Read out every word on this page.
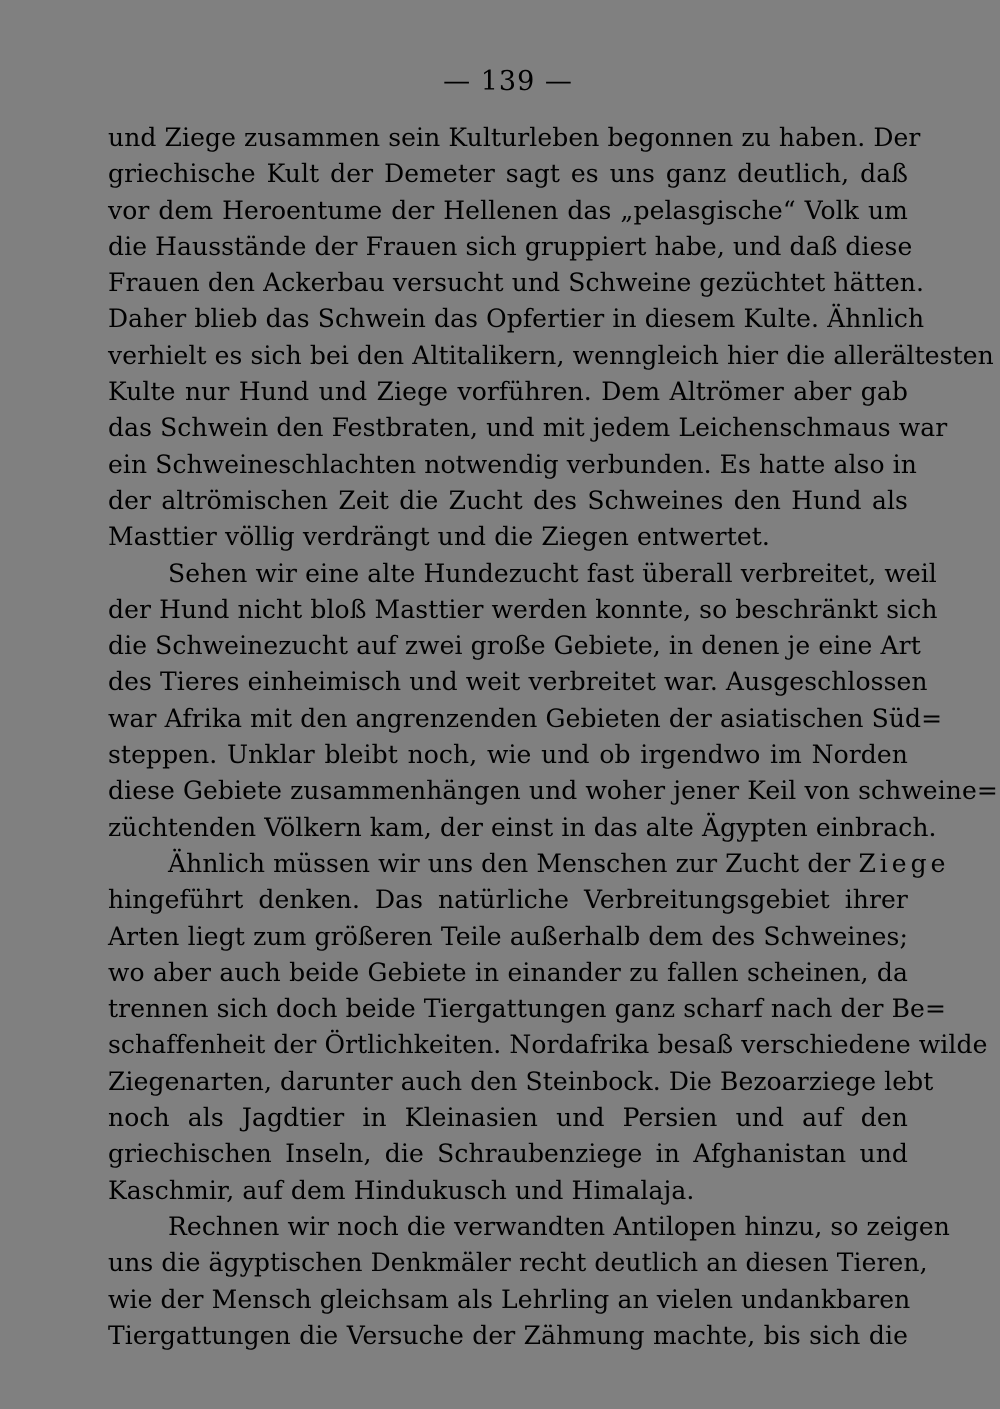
— 139 —
und Ziege zusammen sein Kulturleben begonnen zu haben. Der
griechische Kult der Demeter sagt es uns ganz deutlich, daß
vor dem Heroentume der Hellenen das „pelasgische“ Volk um
die Hausstände der Frauen sich gruppiert habe, und daß diese
Frauen den Ackerbau versucht und Schweine gezüchtet hätten.
Daher blieb das Schwein das Opfertier in diesem Kulte. Ähnlich
verhielt es sich bei den Altitalikern, wenngleich hier die allerältesten
Kulte nur Hund und Ziege vorführen. Dem Altrömer aber gab
das Schwein den Festbraten, und mit jedem Leichenschmaus war
ein Schweineschlachten notwendig verbunden. Es hatte also in
der altrömischen Zeit die Zucht des Schweines den Hund als
Masttier völlig verdrängt und die Ziegen entwertet.
Sehen wir eine alte Hundezucht fast überall verbreitet, weil
der Hund nicht bloß Masttier werden konnte, so beschränkt sich
die Schweinezucht auf zwei große Gebiete, in denen je eine Art
des Tieres einheimisch und weit verbreitet war. Ausgeschlossen
war Afrika mit den angrenzenden Gebieten der asiatischen Süd=
steppen. Unklar bleibt noch, wie und ob irgendwo im Norden
diese Gebiete zusammenhängen und woher jener Keil von schweine=
züchtenden Völkern kam, der einst in das alte Ägypten einbrach.
Ähnlich müssen wir uns den Menschen zur Zucht der Ziege
hingeführt denken. Das natürliche Verbreitungsgebiet ihrer
Arten liegt zum größeren Teile außerhalb dem des Schweines;
wo aber auch beide Gebiete in einander zu fallen scheinen, da
trennen sich doch beide Tiergattungen ganz scharf nach der Be=
schaffenheit der Örtlichkeiten. Nordafrika besaß verschiedene wilde
Ziegenarten, darunter auch den Steinbock. Die Bezoarziege lebt
noch als Jagdtier in Kleinasien und Persien und auf den
griechischen Inseln, die Schraubenziege in Afghanistan und
Kaschmir, auf dem Hindukusch und Himalaja.
Rechnen wir noch die verwandten Antilopen hinzu, so zeigen
uns die ägyptischen Denkmäler recht deutlich an diesen Tieren,
wie der Mensch gleichsam als Lehrling an vielen undankbaren
Tiergattungen die Versuche der Zähmung machte, bis sich die
